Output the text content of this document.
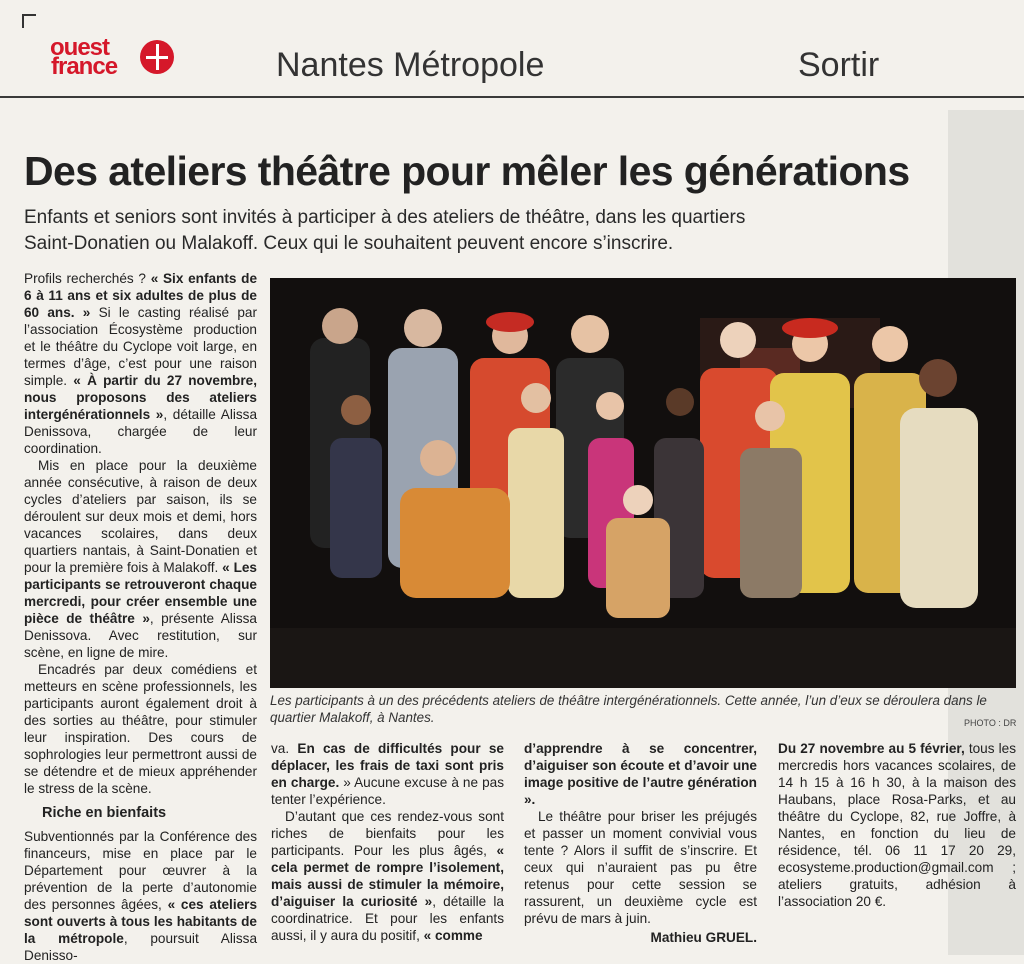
ouest
france	Nantes Métropole	Sortir
Des ateliers théâtre pour mêler les générations
Enfants et seniors sont invités à participer à des ateliers de théâtre, dans les quartiers Saint-Donatien ou Malakoff. Ceux qui le souhaitent peuvent encore s’inscrire.

Profils recherchés ? « Six enfants de 6 à 11 ans et six adultes de plus de 60 ans. » Si le casting réalisé par l’association Écosystème production et le théâtre du Cyclope voit large, en termes d’âge, c’est pour une raison simple. « À partir du 27 novembre, nous proposons des ateliers intergénérationnels », détaille Alissa Denissova, chargée de leur coordination.

Mis en place pour la deuxième année consécutive, à raison de deux cycles d’ateliers par saison, ils se déroulent sur deux mois et demi, hors vacances scolaires, dans deux quartiers nantais, à Saint-Donatien et pour la première fois à Malakoff. « Les participants se retrouveront chaque mercredi, pour créer ensemble une pièce de théâtre », présente Alissa Denissova. Avec restitution, sur scène, en ligne de mire.

Encadrés par deux comédiens et metteurs en scène professionnels, les participants auront également droit à des sorties au théâtre, pour stimuler leur inspiration. Des cours de sophrologies leur permettront aussi de se détendre et de mieux appréhender le stress de la scène.

Riche en bienfaits

Subventionnés par la Conférence des financeurs, mise en place par le Département pour œuvrer à la prévention de la perte d’autonomie des personnes âgées, « ces ateliers sont ouverts à tous les habitants de la métropole, poursuit Alissa Denisso-

Les participants à un des précédents ateliers de théâtre intergénérationnels. Cette année, l’un d’eux se déroulera dans le quartier Malakoff, à Nantes.	PHOTO : DR

va. En cas de difficultés pour se déplacer, les frais de taxi sont pris en charge. » Aucune excuse à ne pas tenter l’expérience.

D’autant que ces rendez-vous sont riches de bienfaits pour les participants. Pour les plus âgés, « cela permet de rompre l’isolement, mais aussi de stimuler la mémoire, d’aiguiser la curiosité », détaille la coordinatrice. Et pour les enfants aussi, il y aura du positif, « comme

d’apprendre à se concentrer, d’aiguiser son écoute et d’avoir une image positive de l’autre génération ».

Le théâtre pour briser les préjugés et passer un moment convivial vous tente ? Alors il suffit de s’inscrire. Et ceux qui n’auraient pas pu être retenus pour cette session se rassurent, un deuxième cycle est prévu de mars à juin.

Mathieu GRUEL.

Du 27 novembre au 5 février, tous les mercredis hors vacances scolaires, de 14 h 15 à 16 h 30, à la maison des Haubans, place Rosa-Parks, et au théâtre du Cyclope, 82, rue Joffre, à Nantes, en fonction du lieu de résidence, tél. 06 11 17 20 29, ecosysteme.production@gmail.com ; ateliers gratuits, adhésion à l’association 20 €.
